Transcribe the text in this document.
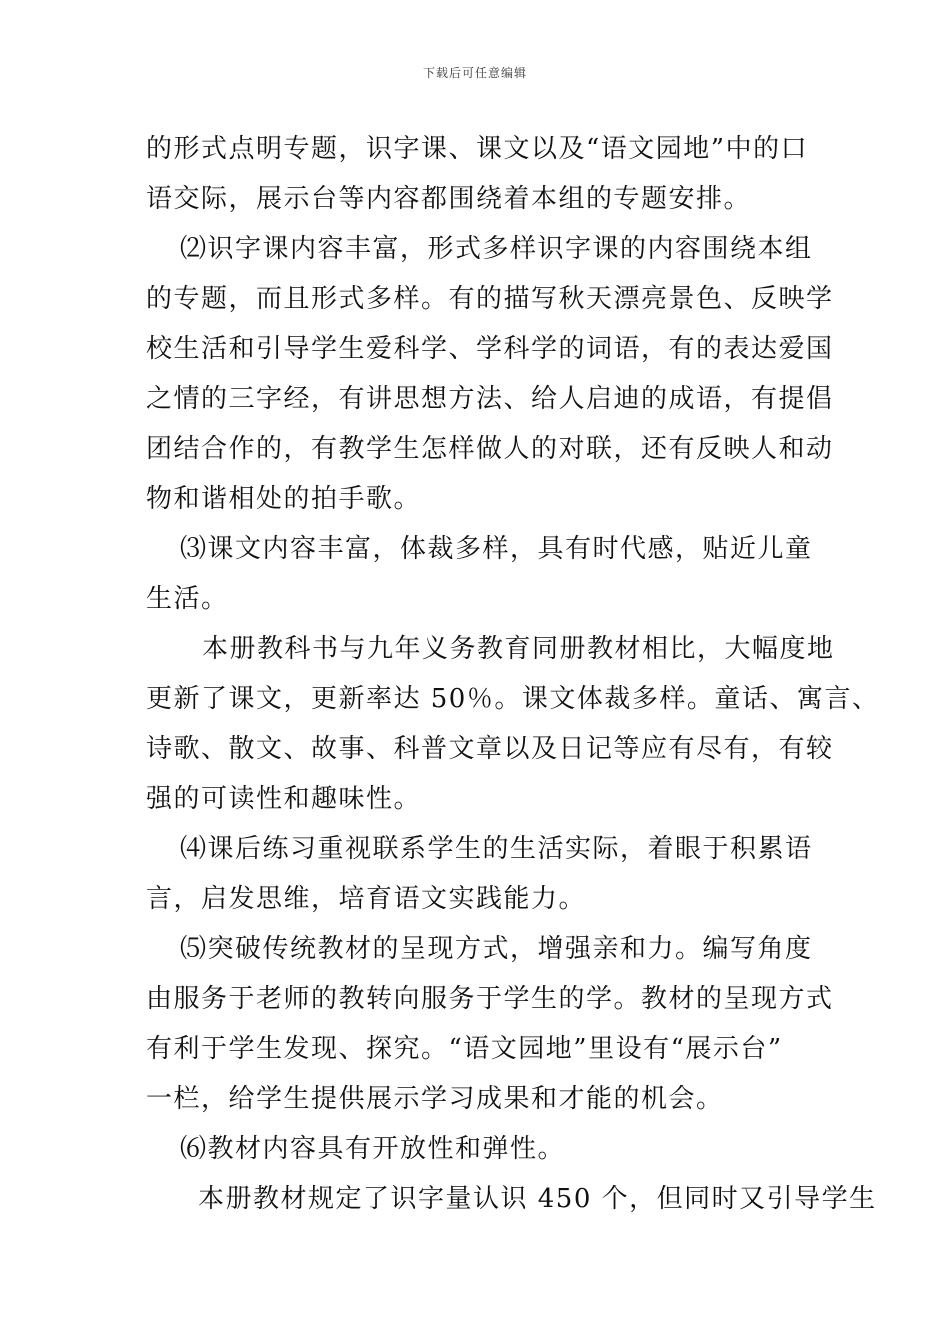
下载后可任意编辑
的形式点明专题，识字课、课文以及“语文园地”中的口
语交际，展示台等内容都围绕着本组的专题安排。
⑵识字课内容丰富，形式多样识字课的内容围绕本组
的专题，而且形式多样。有的描写秋天漂亮景色、反映学
校生活和引导学生爱科学、学科学的词语，有的表达爱国
之情的三字经，有讲思想方法、给人启迪的成语，有提倡
团结合作的，有教学生怎样做人的对联，还有反映人和动
物和谐相处的拍手歌。
⑶课文内容丰富，体裁多样，具有时代感，贴近儿童
生活。
本册教科书与九年义务教育同册教材相比，大幅度地
更新了课文，更新率达 50％。课文体裁多样。童话、寓言、
诗歌、散文、故事、科普文章以及日记等应有尽有，有较
强的可读性和趣味性。
⑷课后练习重视联系学生的生活实际，着眼于积累语
言，启发思维，培育语文实践能力。
⑸突破传统教材的呈现方式，增强亲和力。编写角度
由服务于老师的教转向服务于学生的学。教材的呈现方式
有利于学生发现、探究。“语文园地”里设有“展示台”
一栏，给学生提供展示学习成果和才能的机会。
⑹教材内容具有开放性和弹性。
本册教材规定了识字量认识 450 个，但同时又引导学生
